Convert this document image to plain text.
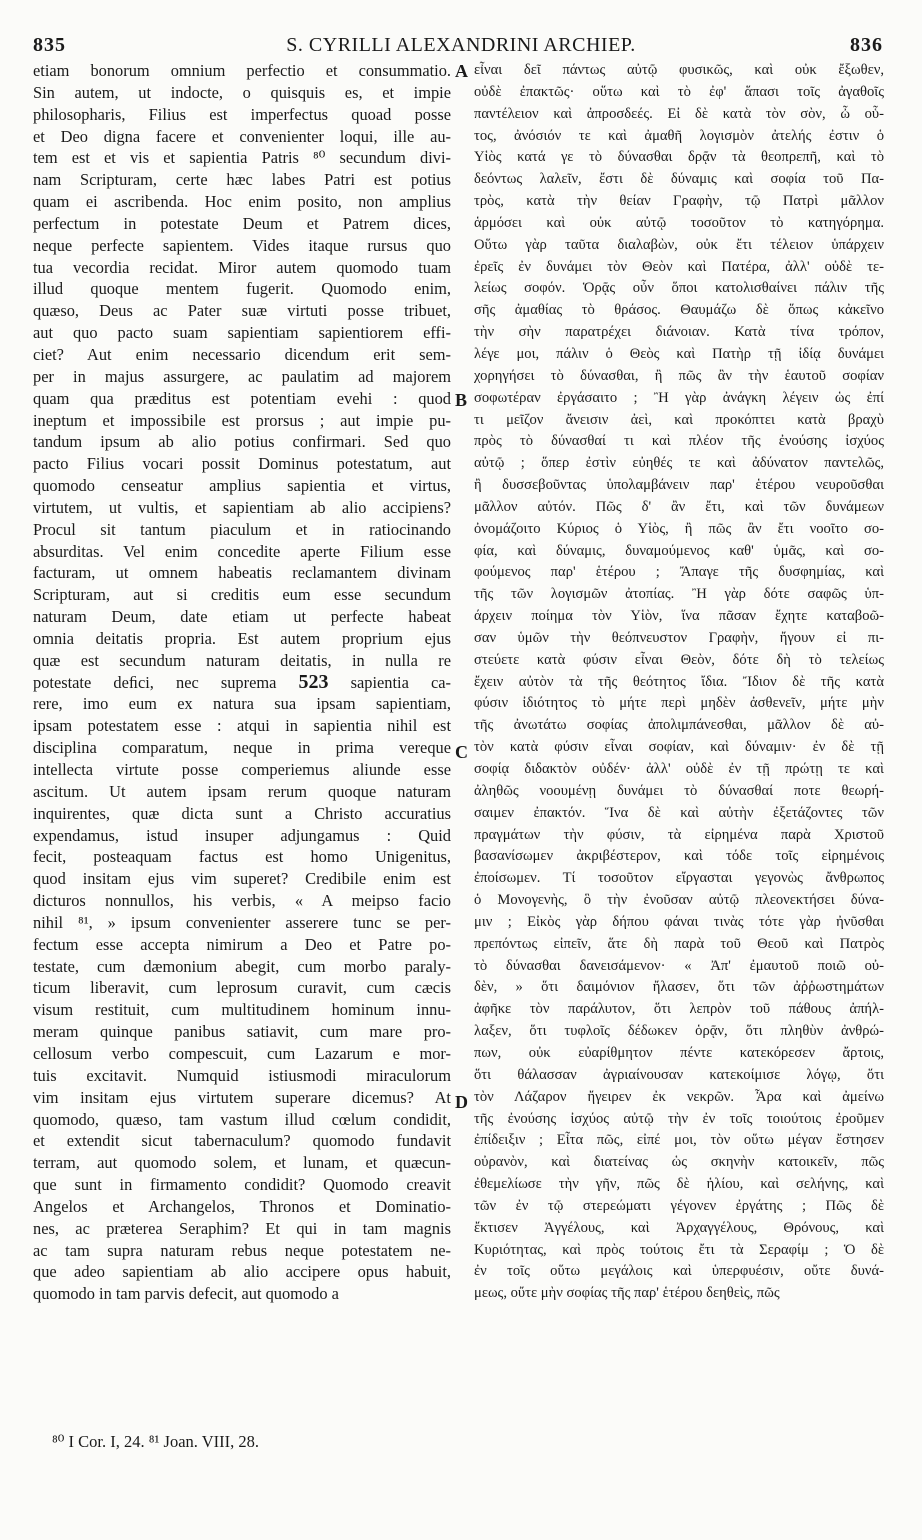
835	S. CYRILLI ALEXANDRINI ARCHIEP.	836
etiam bonorum omnium perfectio et consummatio.
Sin autem, ut indocte, o quisquis es, et impie
philosopharis, Filius est imperfectus quoad posse
et Deo digna facere et convenienter loqui, ille au-
tem est et vis et sapientia Patris ⁸⁰ secundum divi-
nam Scripturam, certe hæc labes Patri est potius
quam ei ascribenda. Hoc enim posito, non amplius
perfectum in potestate Deum et Patrem dices,
neque perfecte sapientem. Vides itaque rursus quo
tua vecordia recidat. Miror autem quomodo tuam
illud quoque mentem fugerit. Quomodo enim,
quæso, Deus ac Pater suæ virtuti posse tribuet,
aut quo pacto suam sapientiam sapientiorem effi-
ciet? Aut enim necessario dicendum erit sem-
per in majus assurgere, ac paulatim ad majorem
quam qua præditus est potentiam evehi : quod
ineptum et impossibile est prorsus ; aut impie pu-
tandum ipsum ab alio potius confirmari. Sed quo
pacto Filius vocari possit Dominus potestatum, aut
quomodo censeatur amplius sapientia et virtus,
virtutem, ut vultis, et sapientiam ab alio accipiens?
Procul sit tantum piaculum et in ratiocinando
absurditas. Vel enim concedite aperte Filium esse
facturam, ut omnem habeatis reclamantem divinam
Scripturam, aut si creditis eum esse secundum
naturam Deum, date etiam ut perfecte habeat
omnia deitatis propria. Est autem proprium ejus
quæ est secundum naturam deitatis, in nulla re
potestate deﬁci, nec suprema 523 sapientia ca-
rere, imo eum ex natura sua ipsam sapientiam,
ipsam potestatem esse : atqui in sapientia nihil est
disciplina comparatum, neque in prima vereque
intellecta virtute posse comperiemus aliunde esse
ascitum. Ut autem ipsam rerum quoque naturam
inquirentes, quæ dicta sunt a Christo accuratius
expendamus, istud insuper adjungamus : Quid
fecit, posteaquam factus est homo Unigenitus,
quod insitam ejus vim superet? Credibile enim est
dicturos nonnullos, his verbis, « A meipso facio
nihil ⁸¹, » ipsum convenienter asserere tunc se per-
fectum esse accepta nimirum a Deo et Patre po-
testate, cum dæmonium abegit, cum morbo paraly-
ticum liberavit, cum leprosum curavit, cum cæcis
visum restituit, cum multitudinem hominum innu-
meram quinque panibus satiavit, cum mare pro-
cellosum verbo compescuit, cum Lazarum e mor-
tuis excitavit. Numquid istiusmodi miraculorum
vim insitam ejus virtutem superare dicemus? At
quomodo, quæso, tam vastum illud cœlum condidit,
et extendit sicut tabernaculum? quomodo fundavit
terram, aut quomodo solem, et lunam, et quæcun-
que sunt in firmamento condidit? Quomodo creavit
Angelos et Archangelos, Thronos et Dominatio-
nes, ac præterea Seraphim? Et qui in tam magnis
ac tam supra naturam rebus neque potestatem ne-
que adeo sapientiam ab alio accipere opus habuit,
quomodo in tam parvis defecit, aut quomodo a
εἶναι δεῖ πάντως αὐτῷ φυσικῶς, καὶ οὐκ ἔξωθεν,
οὐδὲ ἐπακτῶς· οὕτω καὶ τὸ ἐφ' ἅπασι τοῖς ἀγαθοῖς
παντέλειον καὶ ἀπροσδεές. Εἰ δὲ κατὰ τὸν σὸν, ὦ οὗ-
τος, ἀνόσιόν τε καὶ ἀμαθῆ λογισμὸν ἀτελής ἐστιν ὁ
Υἱὸς κατά γε τὸ δύνασθαι δρᾷν τὰ θεοπρεπῆ, καὶ τὸ
δεόντως λαλεῖν, ἔστι δὲ δύναμις καὶ σοφία τοῦ Πα-
τρὸς, κατὰ τὴν θείαν Γραφὴν, τῷ Πατρὶ μᾶλλον
ἁρμόσει καὶ οὐκ αὐτῷ τοσοῦτον τὸ κατηγόρημα.
Οὕτω γὰρ ταῦτα διαλαβὼν, οὐκ ἔτι τέλειον ὑπάρχειν
ἐρεῖς ἐν δυνάμει τὸν Θεὸν καὶ Πατέρα, ἀλλ' οὐδὲ τε-
λείως σοφόν. Ὁρᾷς οὖν ὅποι κατολισθαίνει πάλιν τῆς
σῆς ἀμαθίας τὸ θράσος. Θαυμάζω δὲ ὅπως κἀκεῖνο
τὴν σὴν παρατρέχει διάνοιαν. Κατὰ τίνα τρόπον,
λέγε μοι, πάλιν ὁ Θεὸς καὶ Πατὴρ τῇ ἰδίᾳ δυνάμει
χορηγήσει τὸ δύνασθαι, ἢ πῶς ἂν τὴν ἑαυτοῦ σοφίαν
σοφωτέραν ἐργάσαιτο ; Ἢ γὰρ ἀνάγκη λέγειν ὡς ἐπί
τι μεῖζον ἄνεισιν ἀεὶ, καὶ προκόπτει κατὰ βραχὺ
πρὸς τὸ δύνασθαί τι καὶ πλέον τῆς ἐνούσης ἰσχύος
αὐτῷ ; ὅπερ ἐστὶν εὐηθές τε καὶ ἀδύνατον παντελῶς,
ἢ δυσσεβοῦντας ὑπολαμβάνειν παρ' ἑτέρου νευροῦσθαι
μᾶλλον αὐτόν. Πῶς δ' ἂν ἔτι, καὶ τῶν δυνάμεων
ὀνομάζοιτο Κύριος ὁ Υἱὸς, ἢ πῶς ἂν ἔτι νοοῖτο σο-
φία, καὶ δύναμις, δυναμούμενος καθ' ὑμᾶς, καὶ σο-
φούμενος παρ' ἑτέρου ; Ἄπαγε τῆς δυσφημίας, καὶ
τῆς τῶν λογισμῶν ἀτοπίας. Ἢ γὰρ δότε σαφῶς ὑπ-
άρχειν ποίημα τὸν Υἱὸν, ἵνα πᾶσαν ἔχητε καταβοῶ-
σαν ὑμῶν τὴν θεόπνευστον Γραφὴν, ἤγουν εἰ πι-
στεύετε κατὰ φύσιν εἶναι Θεὸν, δότε δὴ τὸ τελείως
ἔχειν αὐτὸν τὰ τῆς θεότητος ἴδια. Ἴδιον δὲ τῆς κατὰ
φύσιν ἰδιότητος τὸ μήτε περὶ μηδὲν ἀσθενεῖν, μήτε μὴν
τῆς ἀνωτάτω σοφίας ἀπολιμπάνεσθαι, μᾶλλον δὲ αὐ-
τὸν κατὰ φύσιν εἶναι σοφίαν, καὶ δύναμιν· ἐν δὲ τῇ
σοφίᾳ διδακτὸν οὐδέν· ἀλλ' οὐδὲ ἐν τῇ πρώτῃ τε καὶ
ἀληθῶς νοουμένῃ δυνάμει τὸ δύνασθαί ποτε θεωρή-
σαιμεν ἐπακτόν. Ἵνα δὲ καὶ αὐτὴν ἐξετάζοντες τῶν
πραγμάτων τὴν φύσιν, τὰ εἰρημένα παρὰ Χριστοῦ
βασανίσωμεν ἀκριβέστερον, καὶ τόδε τοῖς εἰρημένοις
ἐποίσωμεν. Τί τοσοῦτον εἴργασται γεγονὼς ἄνθρωπος
ὁ Μονογενὴς, ὃ τὴν ἐνοῦσαν αὐτῷ πλεονεκτήσει δύνα-
μιν ; Εἰκὸς γὰρ δήπου φάναι τινὰς τότε γὰρ ἠνῦσθαι
πρεπόντως εἰπεῖν, ἅτε δὴ παρὰ τοῦ Θεοῦ καὶ Πατρὸς
τὸ δύνασθαι δανεισάμενον· « Ἀπ' ἐμαυτοῦ ποιῶ οὐ-
δὲν, » ὅτι δαιμόνιον ἤλασεν, ὅτι τῶν ἀῤῥωστημάτων
ἀφῆκε τὸν παράλυτον, ὅτι λεπρὸν τοῦ πάθους ἀπήλ-
λαξεν, ὅτι τυφλοῖς δέδωκεν ὁρᾷν, ὅτι πληθὺν ἀνθρώ-
πων, οὐκ εὐαρίθμητον πέντε κατεκόρεσεν ἄρτοις,
ὅτι θάλασσαν ἀγριαίνουσαν κατεκοίμισε λόγῳ, ὅτι
τὸν Λάζαρον ἤγειρεν ἐκ νεκρῶν. Ἆρα καὶ ἀμείνω
τῆς ἐνούσης ἰσχύος αὐτῷ τὴν ἐν τοῖς τοιούτοις ἐροῦμεν
ἐπίδειξιν ; Εἶτα πῶς, εἰπέ μοι, τὸν οὕτω μέγαν ἔστησεν
οὐρανὸν, καὶ διατείνας ὡς σκηνὴν κατοικεῖν, πῶς
ἐθεμελίωσε τὴν γῆν, πῶς δὲ ἡλίου, καὶ σελήνης, καὶ
τῶν ἐν τῷ στερεώματι γέγονεν ἐργάτης ; Πῶς δὲ
ἔκτισεν Ἀγγέλους, καὶ Ἀρχαγγέλους, Θρόνους, καὶ
Κυριότητας, καὶ πρὸς τούτοις ἔτι τὰ Σεραφίμ ; Ὁ δὲ
ἐν τοῖς οὕτω μεγάλοις καὶ ὑπερφυέσιν, οὔτε δυνά-
μεως, οὔτε μὴν σοφίας τῆς παρ' ἑτέρου δεηθεὶς, πῶς
A
B
C
D
⁸⁰ I Cor. I, 24. ⁸¹ Joan. VIII, 28.
